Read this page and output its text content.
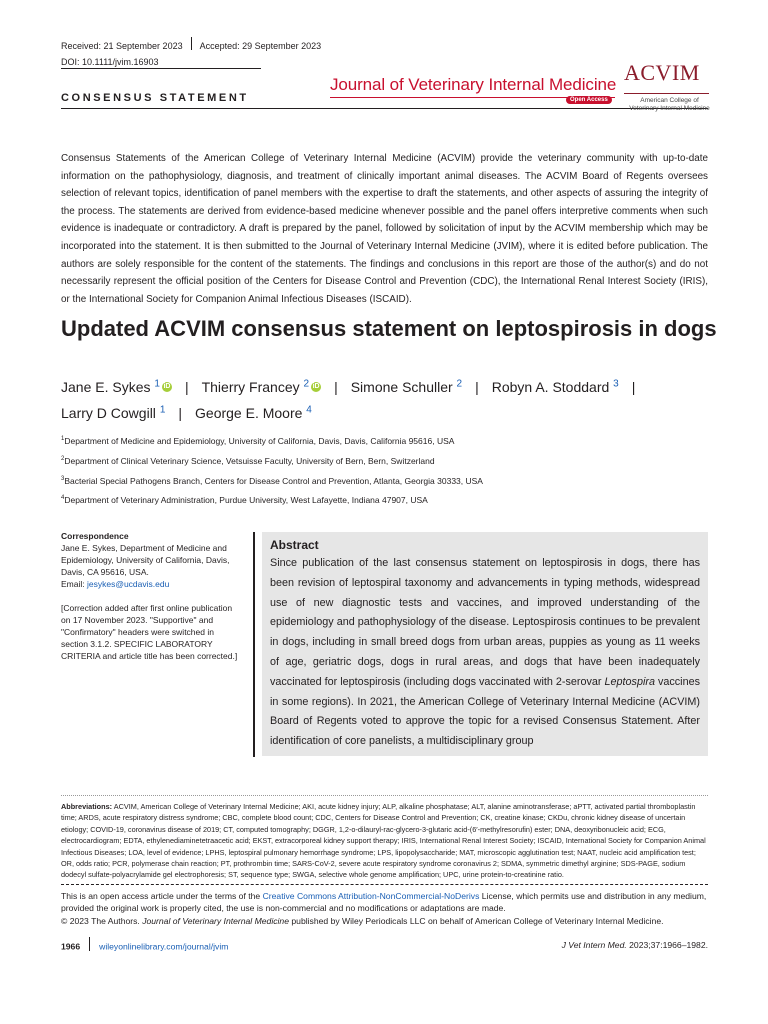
Received: 21 September 2023 Accepted: 29 September 2023
DOI: 10.1111/jvim.16903
CONSENSUS STATEMENT
Journal of Veterinary Internal Medicine
Open Access
ACVIM
American College of Veterinary Internal Medicine
Consensus Statements of the American College of Veterinary Internal Medicine (ACVIM) provide the veterinary community with up-to-date information on the pathophysiology, diagnosis, and treatment of clinically important animal diseases. The ACVIM Board of Regents oversees selection of relevant topics, identification of panel members with the expertise to draft the statements, and other aspects of assuring the integrity of the process. The statements are derived from evidence-based medicine whenever possible and the panel offers interpretive comments when such evidence is inadequate or contradictory. A draft is prepared by the panel, followed by solicitation of input by the ACVIM membership which may be incorporated into the statement. It is then submitted to the Journal of Veterinary Internal Medicine (JVIM), where it is edited before publication. The authors are solely responsible for the content of the statements. The findings and conclusions in this report are those of the author(s) and do not necessarily represent the official position of the Centers for Disease Control and Prevention (CDC), the International Renal Interest Society (IRIS), or the International Society for Companion Animal Infectious Diseases (ISCAID).
Updated ACVIM consensus statement on leptospirosis in dogs
Jane E. Sykes $^1$ iD | Thierry Francey $^2$ iD | Simone Schuller $^2$ | Robyn A. Stoddard $^3$ |
Larry D Cowgill $^1$ | George E. Moore $^4$
$^1$Department of Medicine and Epidemiology, University of California, Davis, Davis, California 95616, USA
$^2$Department of Clinical Veterinary Science, Vetsuisse Faculty, University of Bern, Bern, Switzerland
$^3$Bacterial Special Pathogens Branch, Centers for Disease Control and Prevention, Atlanta, Georgia 30333, USA
$^4$Department of Veterinary Administration, Purdue University, West Lafayette, Indiana 47907, USA

Correspondence

Jane E. Sykes, Department of Medicine and Epidemiology, University of California, Davis, Davis, CA 95616, USA.

Email: jesykes@ucdavis.edu

[Correction added after first online publication on 17 November 2023. "Supportive" and "Confirmatory" headers were switched in section 3.1.2. SPECIFIC LABORATORY CRITERIA and article title has been corrected.]

Abstract
Since publication of the last consensus statement on leptospirosis in dogs, there has been revision of leptospiral taxonomy and advancements in typing methods, widespread use of new diagnostic tests and vaccines, and improved understanding of the epidemiology and pathophysiology of the disease. Leptospirosis continues to be prevalent in dogs, including in small breed dogs from urban areas, puppies as young as 11 weeks of age, geriatric dogs, dogs in rural areas, and dogs that have been inadequately vaccinated for leptospirosis (including dogs vaccinated with 2-serovar Leptospira vaccines in some regions). In 2021, the American College of Veterinary Internal Medicine (ACVIM) Board of Regents voted to approve the topic for a revised Consensus Statement. After identification of core panelists, a multidisciplinary group
Abbreviations: ACVIM, American College of Veterinary Internal Medicine; AKI, acute kidney injury; ALP, alkaline phosphatase; ALT, alanine aminotransferase; aPTT, activated partial thromboplastin time; ARDS, acute respiratory distress syndrome; CBC, complete blood count; CDC, Centers for Disease Control and Prevention; CK, creatine kinase; CKDu, chronic kidney disease of uncertain etiology; COVID-19, coronavirus disease of 2019; CT, computed tomography; DGGR, 1,2-o-dilauryl-rac-glycero-3-glutaric acid-(6′-methylresorufin) ester; DNA, deoxyribonucleic acid; ECG, electrocardiogram; EDTA, ethylenediaminetetraacetic acid; EKST, extracorporeal kidney support therapy; IRIS, International Renal Interest Society; ISCAID, International Society for Companion Animal Infectious Diseases; LOA, level of evidence; LPHS, leptospiral pulmonary hemorrhage syndrome; LPS, lipopolysaccharide; MAT, microscopic agglutination test; NAAT, nucleic acid amplification test; OR, odds ratio; PCR, polymerase chain reaction; PT, prothrombin time; SARS-CoV-2, severe acute respiratory syndrome coronavirus 2; SDMA, symmetric dimethyl arginine; SDS-PAGE, sodium dodecyl sulfate-polyacrylamide gel electrophoresis; ST, sequence type; SWGA, selective whole genome amplification; UPC, urine protein-to-creatinine ratio.
This is an open access article under the terms of the Creative Commons Attribution-NonCommercial-NoDerivs License, which permits use and distribution in any medium, provided the original work is properly cited, the use is non-commercial and no modifications or adaptations are made.
© 2023 The Authors. Journal of Veterinary Internal Medicine published by Wiley Periodicals LLC on behalf of American College of Veterinary Internal Medicine.
1966 wileyonlinelibrary.com/journal/jvim	J Vet Intern Med. 2023;37:1966–1982.
